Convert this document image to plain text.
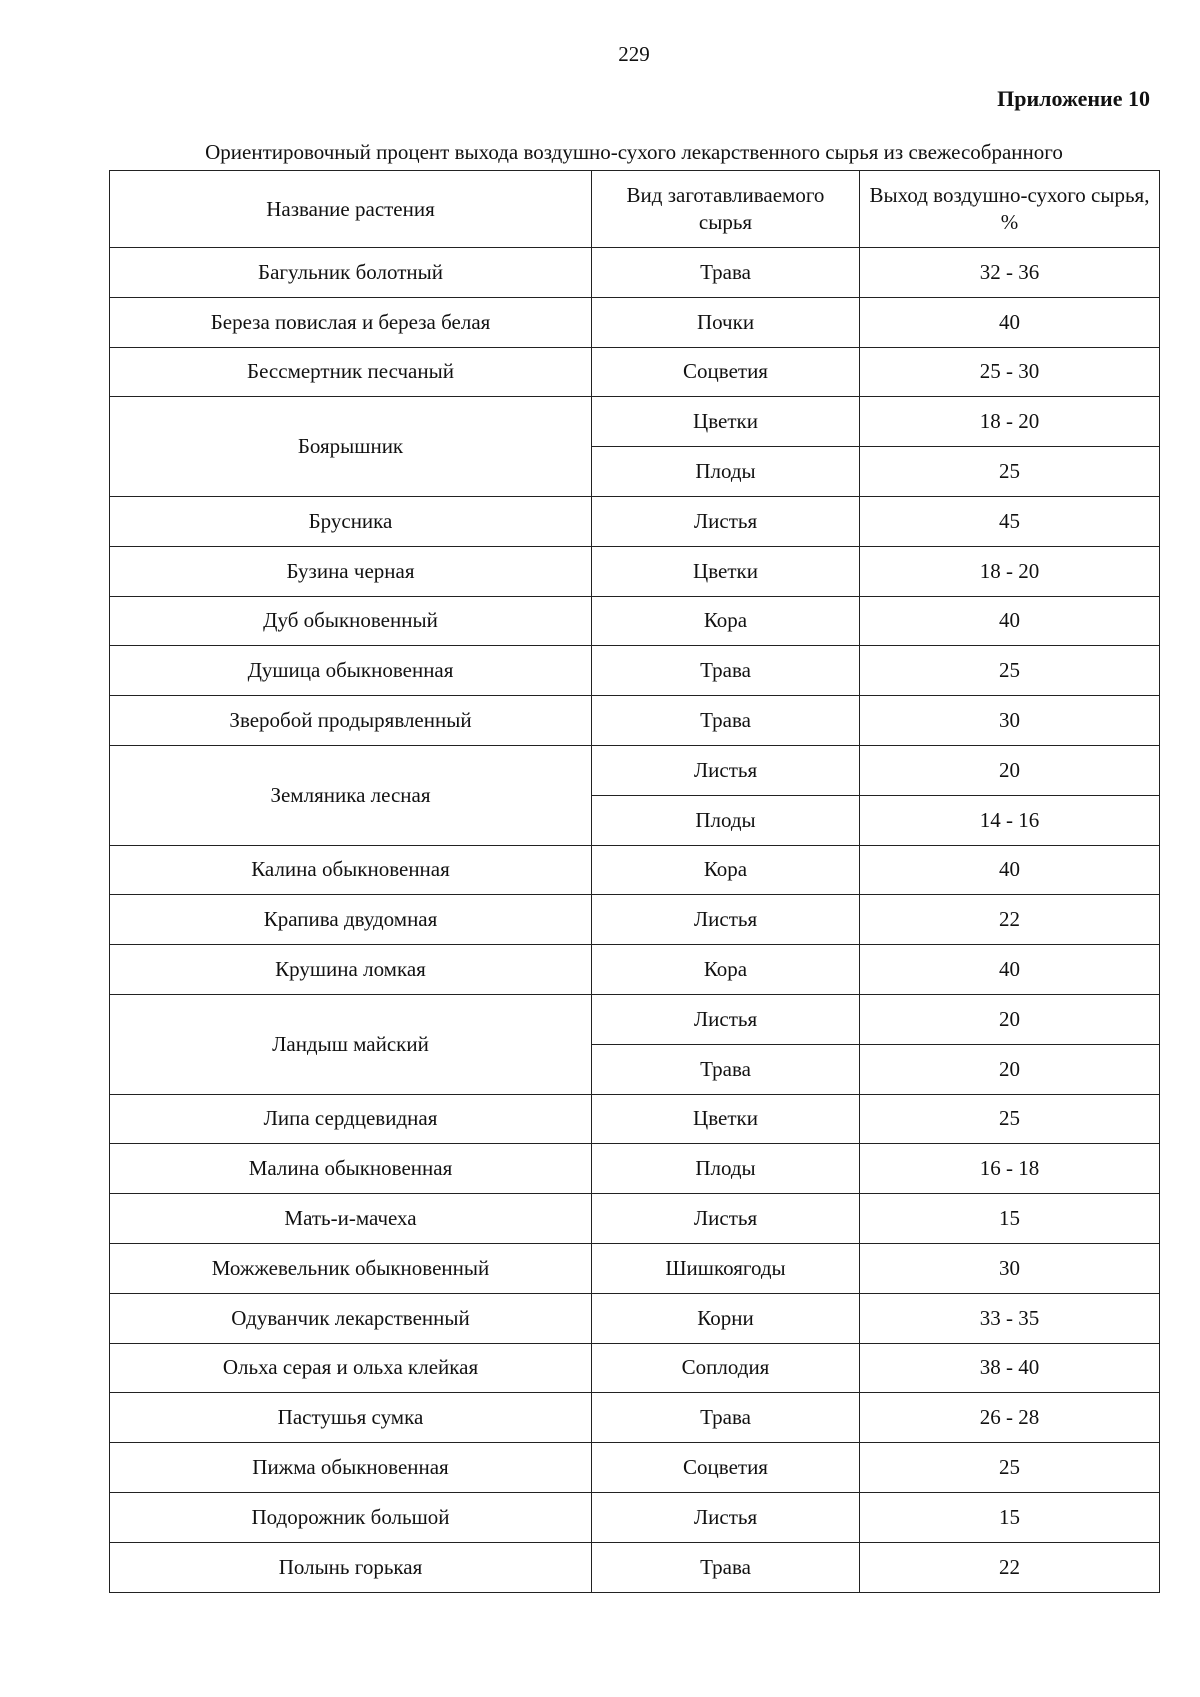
229
Приложение 10
Ориентировочный процент выхода воздушно-сухого лекарственного сырья из свежесобранного
Название растения	Вид заготавливаемого сырья	Выход воздушно-сухого сырья, %
Багульник болотный	Трава	32 - 36
Береза повислая и береза белая	Почки	40
Бессмертник песчаный	Соцветия	25 - 30
Боярышник	Цветки	18 - 20
	Плоды	25
Брусника	Листья	45
Бузина черная	Цветки	18 - 20
Дуб обыкновенный	Кора	40
Душица обыкновенная	Трава	25
Зверобой продырявленный	Трава	30
Земляника лесная	Листья	20
	Плоды	14 - 16
Калина обыкновенная	Кора	40
Крапива двудомная	Листья	22
Крушина ломкая	Кора	40
Ландыш майский	Листья	20
	Трава	20
Липа сердцевидная	Цветки	25
Малина обыкновенная	Плоды	16 - 18
Мать-и-мачеха	Листья	15
Можжевельник обыкновенный	Шишкоягоды	30
Одуванчик лекарственный	Корни	33 - 35
Ольха серая и ольха клейкая	Соплодия	38 - 40
Пастушья сумка	Трава	26 - 28
Пижма обыкновенная	Соцветия	25
Подорожник большой	Листья	15
Полынь горькая	Трава	22
